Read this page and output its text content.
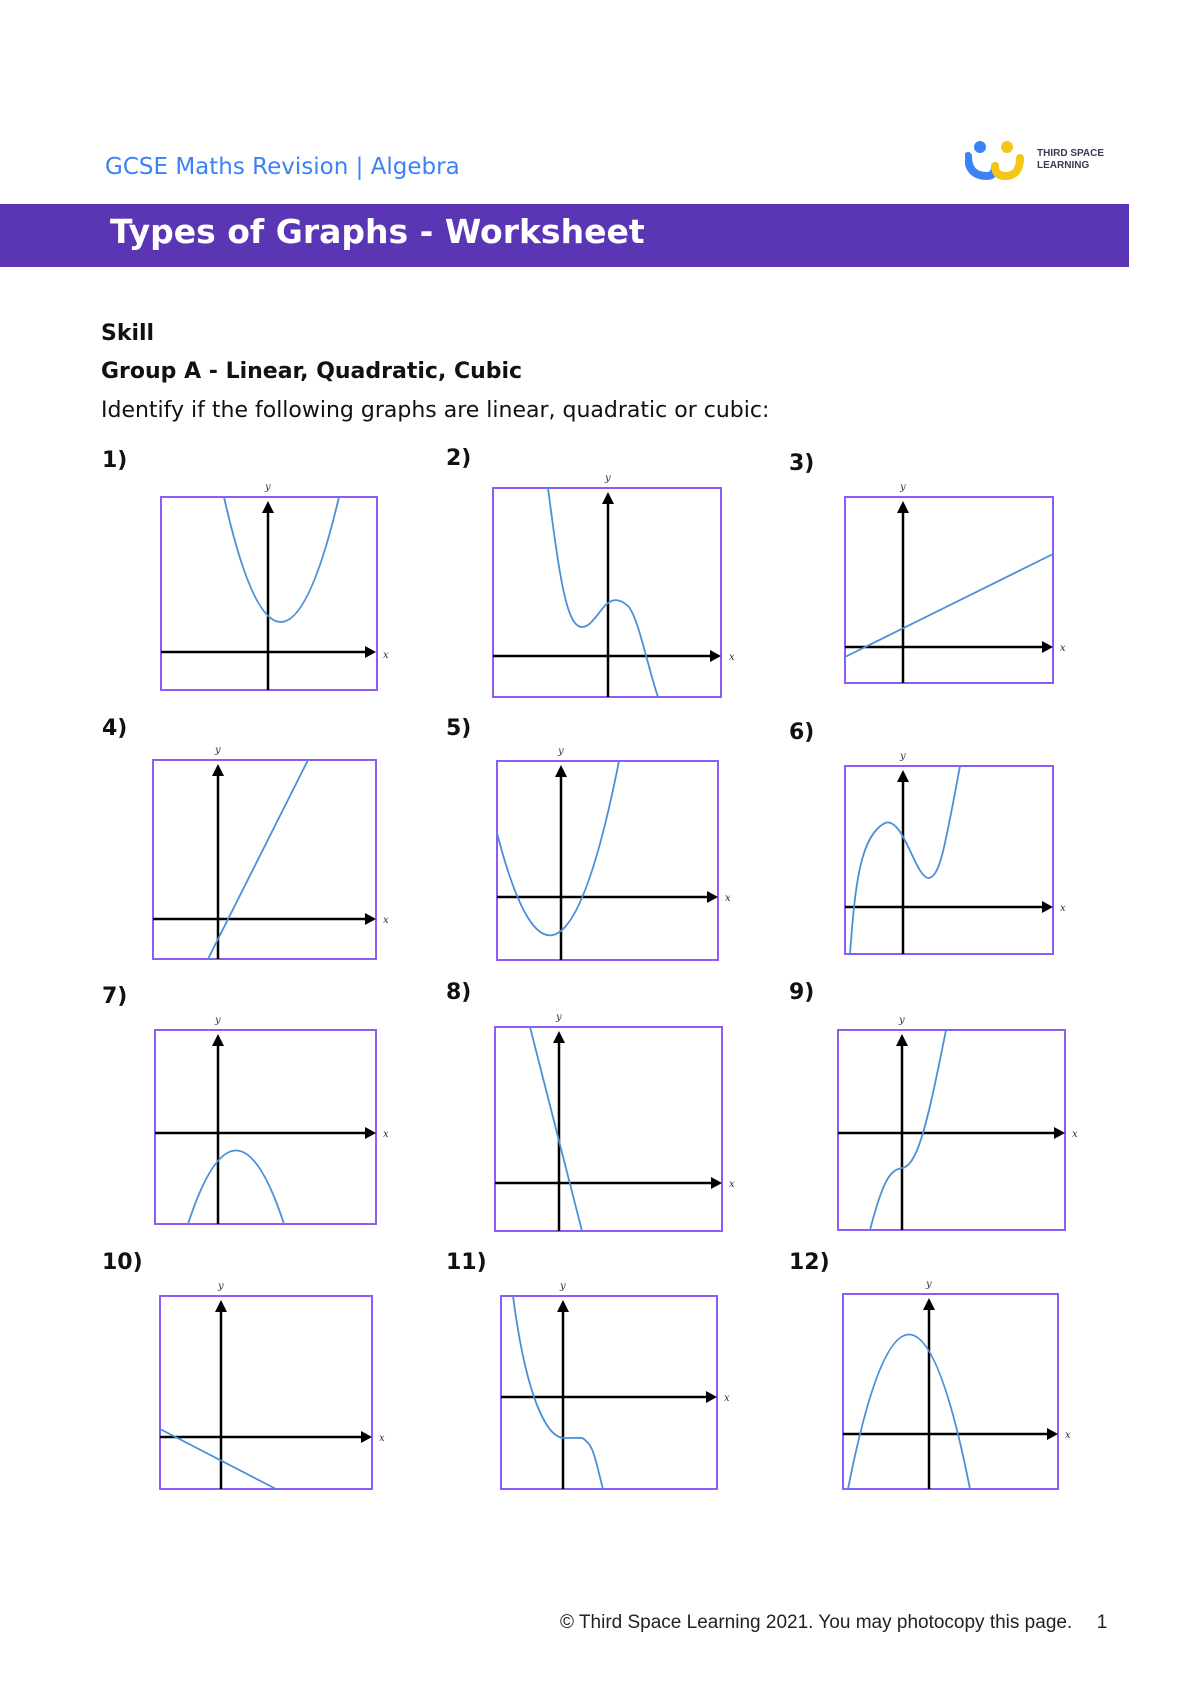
GCSE Maths Revision | Algebra
THIRD SPACE
LEARNING
Types of Graphs - Worksheet
Skill
Group A - Linear, Quadratic, Cubic
Identify if the following graphs are linear, quadratic or cubic:
1)	2)	3)
4)	5)	6)
7)	8)	9)
10)	11)	12)
x
y
x
y
x
y
x
y
x
y
x
y
x
y
x
y
x
y
x
y
x
y
x
y
© Third Space Learning 2021. You may photocopy this page. 1
